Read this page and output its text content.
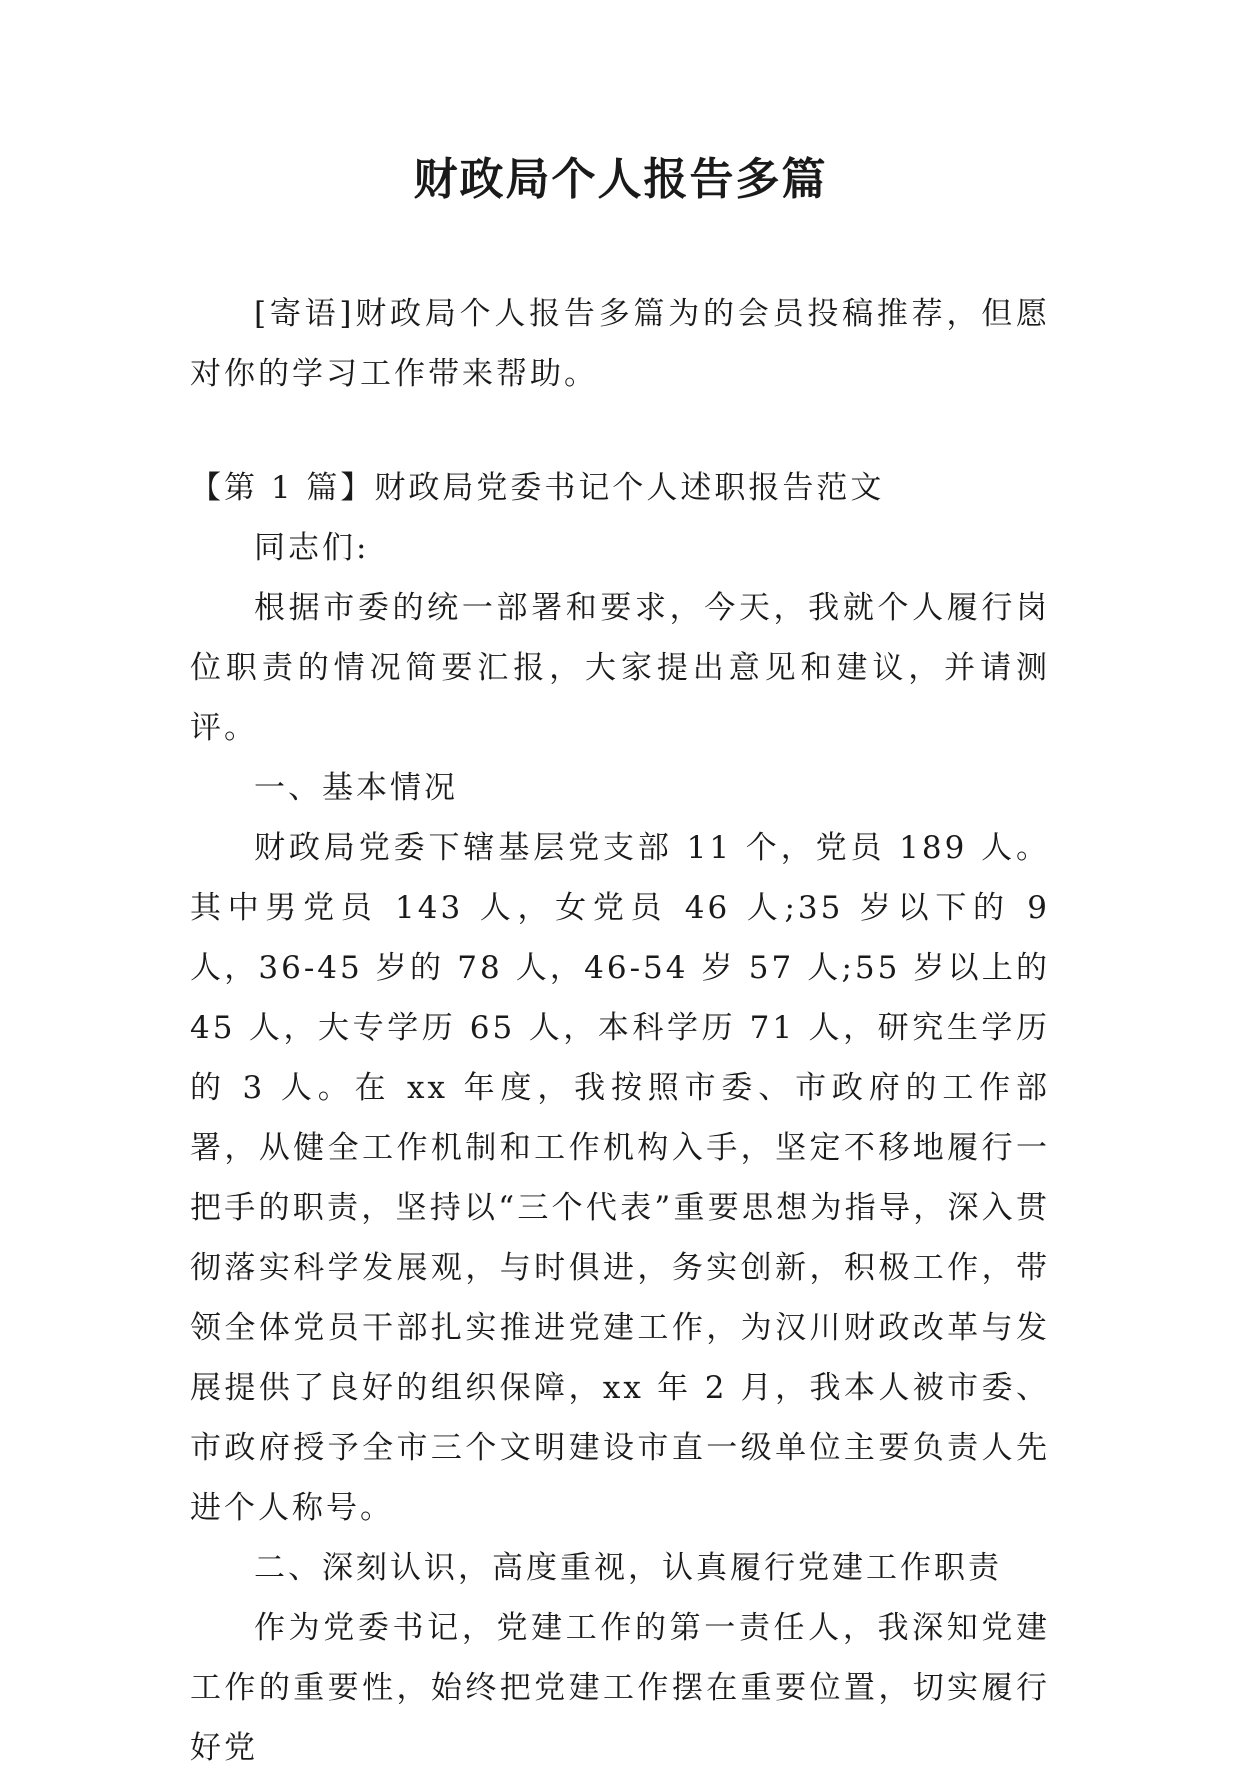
财政局个人报告多篇

[寄语]财政局个人报告多篇为的会员投稿推荐，但愿对你的学习工作带来帮助。

【第 1 篇】财政局党委书记个人述职报告范文

同志们:

根据市委的统一部署和要求，今天，我就个人履行岗位职责的情况简要汇报，大家提出意见和建议，并请测评。

一、基本情况

财政局党委下辖基层党支部 11 个，党员 189 人。其中男党员 143 人，女党员 46 人;35 岁以下的 9 人，36-45 岁的 78 人，46-54 岁 57 人;55 岁以上的 45 人，大专学历 65 人，本科学历 71 人，研究生学历的 3 人。在 xx 年度，我按照市委、市政府的工作部署，从健全工作机制和工作机构入手，坚定不移地履行一把手的职责，坚持以“三个代表”重要思想为指导，深入贯彻落实科学发展观，与时俱进，务实创新，积极工作，带领全体党员干部扎实推进党建工作，为汉川财政改革与发展提供了良好的组织保障，xx 年 2 月，我本人被市委、市政府授予全市三个文明建设市直一级单位主要负责人先进个人称号。

二、深刻认识，高度重视，认真履行党建工作职责

作为党委书记，党建工作的第一责任人，我深知党建工作的重要性，始终把党建工作摆在重要位置，切实履行好党
